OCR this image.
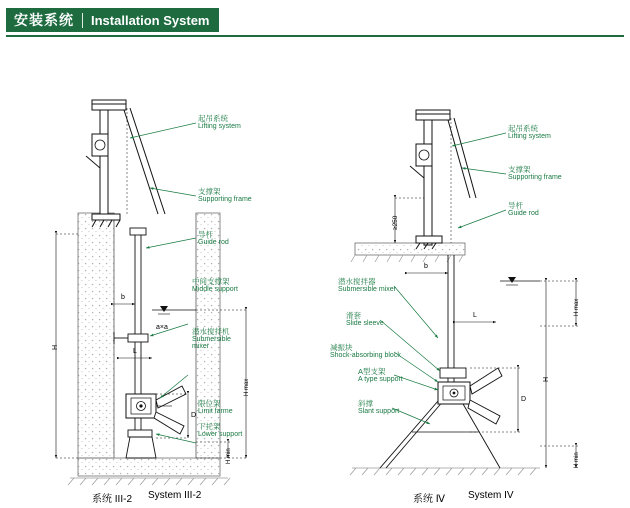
安装系统 Installation System
起吊系统
Lifting system
支撑架
Supporting frame
导杆
Guide rod
中间支撑架
Middle support
潜水搅拌机
Submersible mixer
限位架
Limit farme
下托架
Lower support
H
b
L
D
a×a
H max
H min
起吊系统
Lifting system
支撑架
Supporting frame
导杆
Guide rod
潜水搅拌器
Submersible mixer
滑套
Slide sleeve
减振块
Shock-absorbing block
A型支架
A type support
斜撑
Slant support
≥250
b
L
D
H
H max
H min
系统 III-2 System III-2	系统 Ⅳ System IV
